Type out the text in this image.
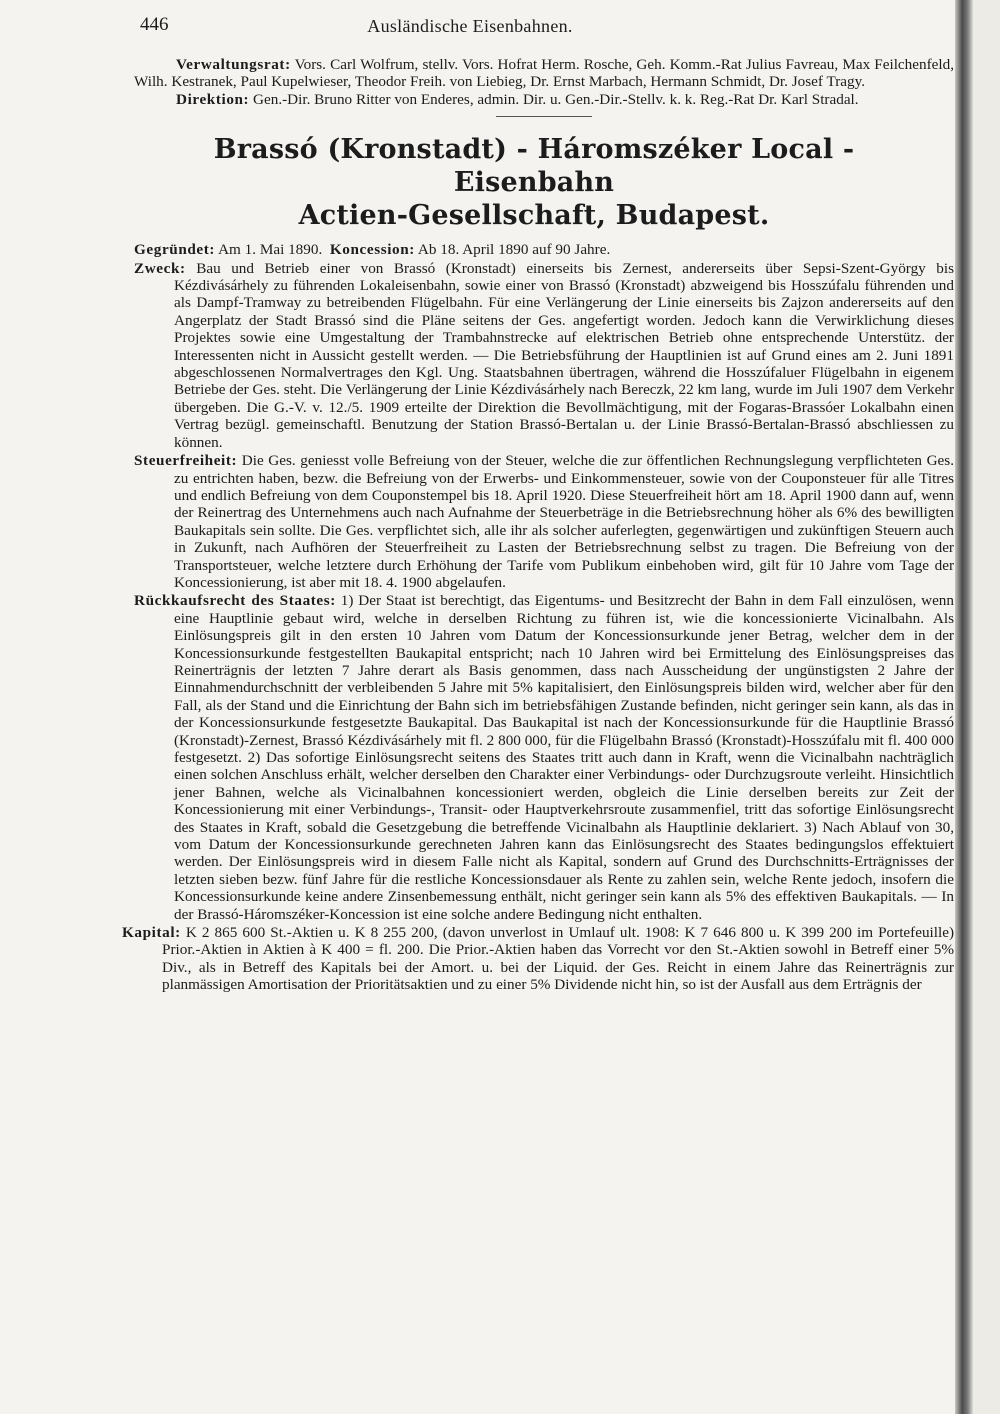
446	Ausländische Eisenbahnen.

Verwaltungsrat: Vors. Carl Wolfrum, stellv. Vors. Hofrat Herm. Rosche, Geh. Komm.-Rat Julius Favreau, Max Feilchenfeld, Wilh. Kestranek, Paul Kupelwieser, Theodor Freih. von Liebieg, Dr. Ernst Marbach, Hermann Schmidt, Dr. Josef Tragy.

Direktion: Gen.-Dir. Bruno Ritter von Enderes, admin. Dir. u. Gen.-Dir.-Stellv. k. k. Reg.-Rat Dr. Karl Stradal.

Brassó (Kronstadt) - Háromszéker Local - Eisenbahn
Actien-Gesellschaft, Budapest.

Gegründet: Am 1. Mai 1890. Koncession: Ab 18. April 1890 auf 90 Jahre.

Zweck: Bau und Betrieb einer von Brassó (Kronstadt) einerseits bis Zernest, andererseits über Sepsi-Szent-György bis Kézdivásárhely zu führenden Lokaleisenbahn, sowie einer von Brassó (Kronstadt) abzweigend bis Hosszúfalu führenden und als Dampf-Tramway zu betreibenden Flügelbahn. Für eine Verlängerung der Linie einerseits bis Zajzon andererseits auf den Angerplatz der Stadt Brassó sind die Pläne seitens der Ges. angefertigt worden. Jedoch kann die Verwirklichung dieses Projektes sowie eine Umgestaltung der Trambahnstrecke auf elektrischen Betrieb ohne entsprechende Unterstütz. der Interessenten nicht in Aussicht gestellt werden. — Die Betriebsführung der Hauptlinien ist auf Grund eines am 2. Juni 1891 abgeschlossenen Normalvertrages den Kgl. Ung. Staatsbahnen übertragen, während die Hosszúfaluer Flügelbahn in eigenem Betriebe der Ges. steht. Die Verlängerung der Linie Kézdivásárhely nach Bereczk, 22 km lang, wurde im Juli 1907 dem Verkehr übergeben. Die G.-V. v. 12./5. 1909 erteilte der Direktion die Bevollmächtigung, mit der Fogaras-Brassóer Lokalbahn einen Vertrag bezügl. gemeinschaftl. Benutzung der Station Brassó-Bertalan u. der Linie Brassó-Bertalan-Brassó abschliessen zu können.

Steuerfreiheit: Die Ges. geniesst volle Befreiung von der Steuer, welche die zur öffentlichen Rechnungslegung verpflichteten Ges. zu entrichten haben, bezw. die Befreiung von der Erwerbs- und Einkommensteuer, sowie von der Couponsteuer für alle Titres und endlich Befreiung von dem Couponstempel bis 18. April 1920. Diese Steuerfreiheit hört am 18. April 1900 dann auf, wenn der Reinertrag des Unternehmens auch nach Aufnahme der Steuerbeträge in die Betriebsrechnung höher als 6% des bewilligten Baukapitals sein sollte. Die Ges. verpflichtet sich, alle ihr als solcher auferlegten, gegenwärtigen und zukünftigen Steuern auch in Zukunft, nach Aufhören der Steuerfreiheit zu Lasten der Betriebsrechnung selbst zu tragen. Die Befreiung von der Transportsteuer, welche letztere durch Erhöhung der Tarife vom Publikum einbehoben wird, gilt für 10 Jahre vom Tage der Koncessionierung, ist aber mit 18. 4. 1900 abgelaufen.

Rückkaufsrecht des Staates: 1) Der Staat ist berechtigt, das Eigentums- und Besitzrecht der Bahn in dem Fall einzulösen, wenn eine Hauptlinie gebaut wird, welche in derselben Richtung zu führen ist, wie die koncessionierte Vicinalbahn. Als Einlösungspreis gilt in den ersten 10 Jahren vom Datum der Koncessionsurkunde jener Betrag, welcher dem in der Koncessionsurkunde festgestellten Baukapital entspricht; nach 10 Jahren wird bei Ermittelung des Einlösungspreises das Reinerträgnis der letzten 7 Jahre derart als Basis genommen, dass nach Ausscheidung der ungünstigsten 2 Jahre der Einnahmendurchschnitt der verbleibenden 5 Jahre mit 5% kapitalisiert, den Einlösungspreis bilden wird, welcher aber für den Fall, als der Stand und die Einrichtung der Bahn sich im betriebsfähigen Zustande befinden, nicht geringer sein kann, als das in der Koncessionsurkunde festgesetzte Baukapital. Das Baukapital ist nach der Koncessionsurkunde für die Hauptlinie Brassó (Kronstadt)-Zernest, Brassó Kézdivásárhely mit fl. 2 800 000, für die Flügelbahn Brassó (Kronstadt)-Hosszúfalu mit fl. 400 000 festgesetzt. 2) Das sofortige Einlösungsrecht seitens des Staates tritt auch dann in Kraft, wenn die Vicinalbahn nachträglich einen solchen Anschluss erhält, welcher derselben den Charakter einer Verbindungs- oder Durchzugsroute verleiht. Hinsichtlich jener Bahnen, welche als Vicinalbahnen koncessioniert werden, obgleich die Linie derselben bereits zur Zeit der Koncessionierung mit einer Verbindungs-, Transit- oder Hauptverkehrsroute zusammenfiel, tritt das sofortige Einlösungsrecht des Staates in Kraft, sobald die Gesetzgebung die betreffende Vicinalbahn als Hauptlinie deklariert. 3) Nach Ablauf von 30, vom Datum der Koncessionsurkunde gerechneten Jahren kann das Einlösungsrecht des Staates bedingungslos effektuiert werden. Der Einlösungspreis wird in diesem Falle nicht als Kapital, sondern auf Grund des Durchschnitts-Erträgnisses der letzten sieben bezw. fünf Jahre für die restliche Koncessionsdauer als Rente zu zahlen sein, welche Rente jedoch, insofern die Koncessionsurkunde keine andere Zinsenbemessung enthält, nicht geringer sein kann als 5% des effektiven Baukapitals. — In der Brassó-Háromszéker-Koncession ist eine solche andere Bedingung nicht enthalten.

Kapital: K 2 865 600 St.-Aktien u. K 8 255 200, (davon unverlost in Umlauf ult. 1908: K 7 646 800 u. K 399 200 im Portefeuille) Prior.-Aktien in Aktien à K 400 = fl. 200. Die Prior.-Aktien haben das Vorrecht vor den St.-Aktien sowohl in Betreff einer 5% Div., als in Betreff des Kapitals bei der Amort. u. bei der Liquid. der Ges. Reicht in einem Jahre das Reinerträgnis zur planmässigen Amortisation der Prioritätsaktien und zu einer 5% Dividende nicht hin, so ist der Ausfall aus dem Erträgnis der
